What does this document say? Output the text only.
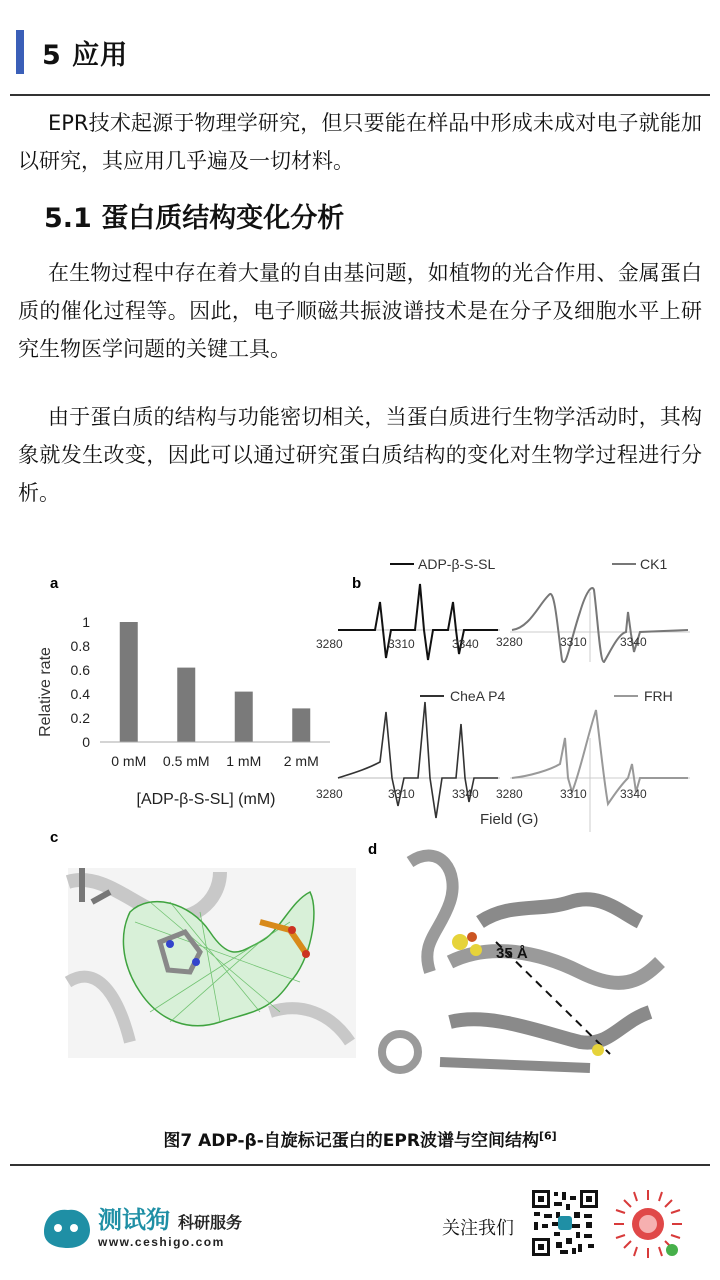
5 应用
EPR技术起源于物理学研究，但只要能在样品中形成未成对电子就能加以研究，其应用几乎遍及一切材料。
5.1 蛋白质结构变化分析
在生物过程中存在着大量的自由基问题，如植物的光合作用、金属蛋白质的催化过程等。因此，电子顺磁共振波谱技术是在分子及细胞水平上研究生物医学问题的关键工具。
由于蛋白质的结构与功能密切相关，当蛋白质进行生物学活动时，其构象就发生改变，因此可以通过研究蛋白质结构的变化对生物学过程进行分析。
a
Relative rate
0
0.2
0.4
0.6
0.8
1
0 mM 0.5 mM 1 mM 2 mM
[ADP-β-S-SL] (mM)
b
ADP-β-S-SL
3280	3310	3340
CK1
3280	3310	3340
CheA P4
3280	3310	3340
FRH
3280	3310	3340
Field (G)
c
d
35 Å
图7 ADP-β-自旋标记蛋白的EPR波谱与空间结构[6]
测试狗 科研服务
www.ceshigo.com
关注我们
